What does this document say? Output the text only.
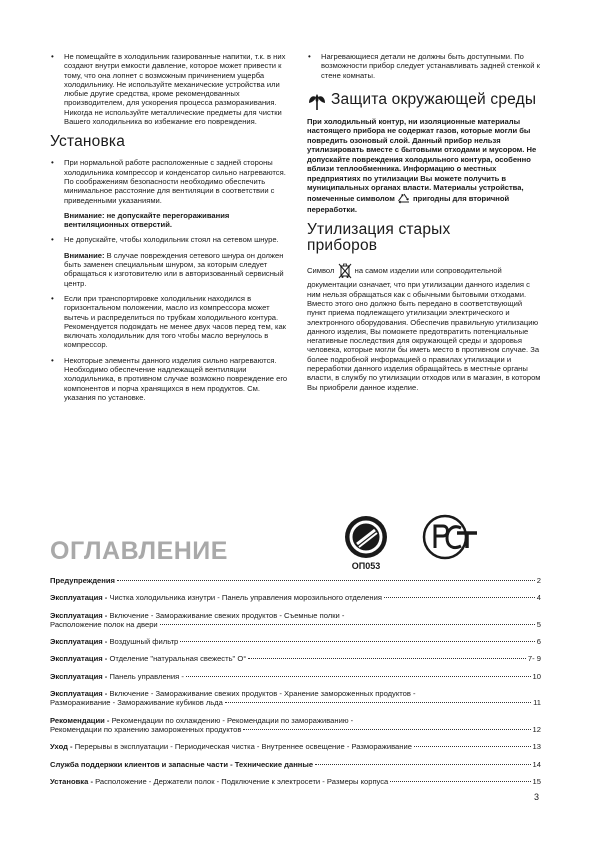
• Не помещайте в холодильник газированные напитки, т.к. в них создают внутри емкости давление, которое может привести к тому, что она лопнет с возможным причинением ущерба холодильнику. Не используйте механические устройства или любые другие средства, кроме рекомендованных производителем, для ускорения процесса размораживания. Никогда не используйте металлические предметы для чистки Вашего холодильника во избежание его повреждения.

Установка

• При нормальной работе расположенные с задней стороны холодильника компрессор и конденсатор сильно нагреваются. По соображениям безопасности необходимо обеспечить минимальное расстояние для вентиляции в соответствии с приведенными указаниями.

Внимание: не допускайте перегораживания вентиляционных отверстий.

• Не допускайте, чтобы холодильник стоял на сетевом шнуре.

Внимание: В случае повреждения сетевого шнура он должен быть заменен специальным шнуром, за которым следует обращаться к изготовителю или в авторизованный сервисный центр.

• Если при транспортировке холодильник находился в горизонтальном положении, масло из компрессора может вытечь и распределиться по трубкам холодильного контура. Рекомендуется подождать не менее двух часов перед тем, как включать холодильник для того чтобы масло вернулось в компрессор.

• Некоторые элементы данного изделия сильно нагреваются. Необходимо обеспечение надлежащей вентиляции холодильника, в противном случае возможно повреждение его компонентов и порча хранящихся в нем продуктов. См. указания по установке.

• Нагревающиеся детали не должны быть доступными. По возможности прибор следует устанавливать задней стенкой к стене комнаты.

Защита окружающей среды

При холодильный контур, ни изоляционные материалы настоящего прибора не содержат газов, которые могли бы повредить озоновый слой. Данный прибор нельзя утилизировать вместе с бытовыми отходами и мусором. Не допускайте повреждения холодильного контура, особенно вблизи теплообменника. Информацию о местных предприятиях по утилизации Вы можете получить в муниципальных органах власти. Материалы устройства, помеченные символом  пригодны для вторичной переработки.

Утилизация старых
приборов

Символ  на самом изделии или сопроводительной документации означает, что при утилизации данного изделия с ним нельзя обращаться как с обычными бытовыми отходами. Вместо этого оно должно быть передано в соответствующий пункт приема подлежащего утилизации электрического и электронного оборудования. Обеспечив правильную утилизацию данного изделия, Вы поможете предотвратить потенциальные негативные последствия для окружающей среды и здоровья человека, которые могли бы иметь место в противном случае. За более подробной информацией о правилах утилизации и переработки данного изделия обращайтесь в местные органы власти, в службу по утилизации отходов или в магазин, в котором Вы приобрели данное изделие.

ОГЛАВЛЕНИЕ
ОП053
Предупреждения	2
Эксплуатация - Чистка холодильника изнутри - Панель управления морозильного отделения	4
Эксплуатация - Включение - Замораживание свежих продуктов - Съемные полки -
Расположение полок на двери	5
Эксплуатация - Воздушный фильтр	6
Эксплуатация - Отделение "натуральная свежесть" О°	7- 9
Эксплуатация - Панель управления -	10
Эксплуатация - Включение - Замораживание свежих продуктов - Хранение замороженных продуктов -
Размораживание - Замораживание кубиков льда	11
Рекомендации - Рекомендации по охлаждению - Рекомендации по замораживанию -
Рекомендации по хранению замороженных продуктов	12
Уход - Перерывы в эксплуатации - Периодическая чистка - Внутреннее освещение - Размораживание	13
Служба поддержки клиентов и запасные части - Технические данные	14
Установка - Расположение - Держатели полок - Подключение к электросети - Размеры корпуса	15
3
